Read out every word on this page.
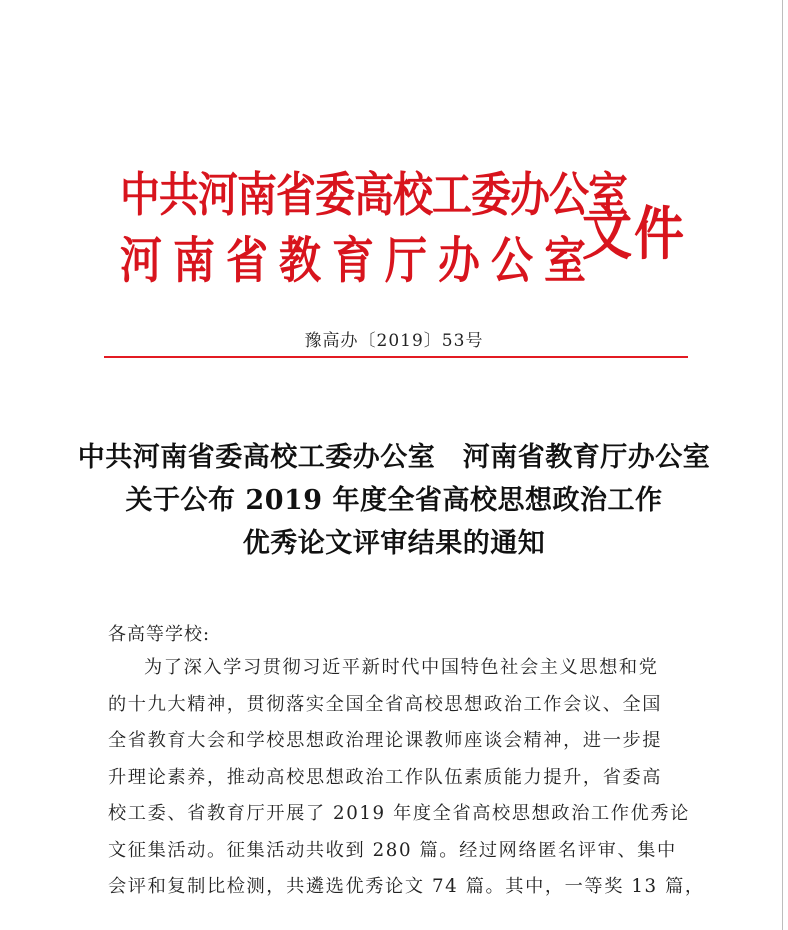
中共河南省委高校工委办公室
河南省教育厅办公室
文件
豫高办〔2019〕53号
中共河南省委高校工委办公室　河南省教育厅办公室
关于公布 2019 年度全省高校思想政治工作
优秀论文评审结果的通知
各高等学校:
为了深入学习贯彻习近平新时代中国特色社会主义思想和党
的十九大精神，贯彻落实全国全省高校思想政治工作会议、全国
全省教育大会和学校思想政治理论课教师座谈会精神，进一步提
升理论素养，推动高校思想政治工作队伍素质能力提升，省委高
校工委、省教育厅开展了 2019 年度全省高校思想政治工作优秀论
文征集活动。征集活动共收到 280 篇。经过网络匿名评审、集中
会评和复制比检测，共遴选优秀论文 74 篇。其中，一等奖 13 篇，
